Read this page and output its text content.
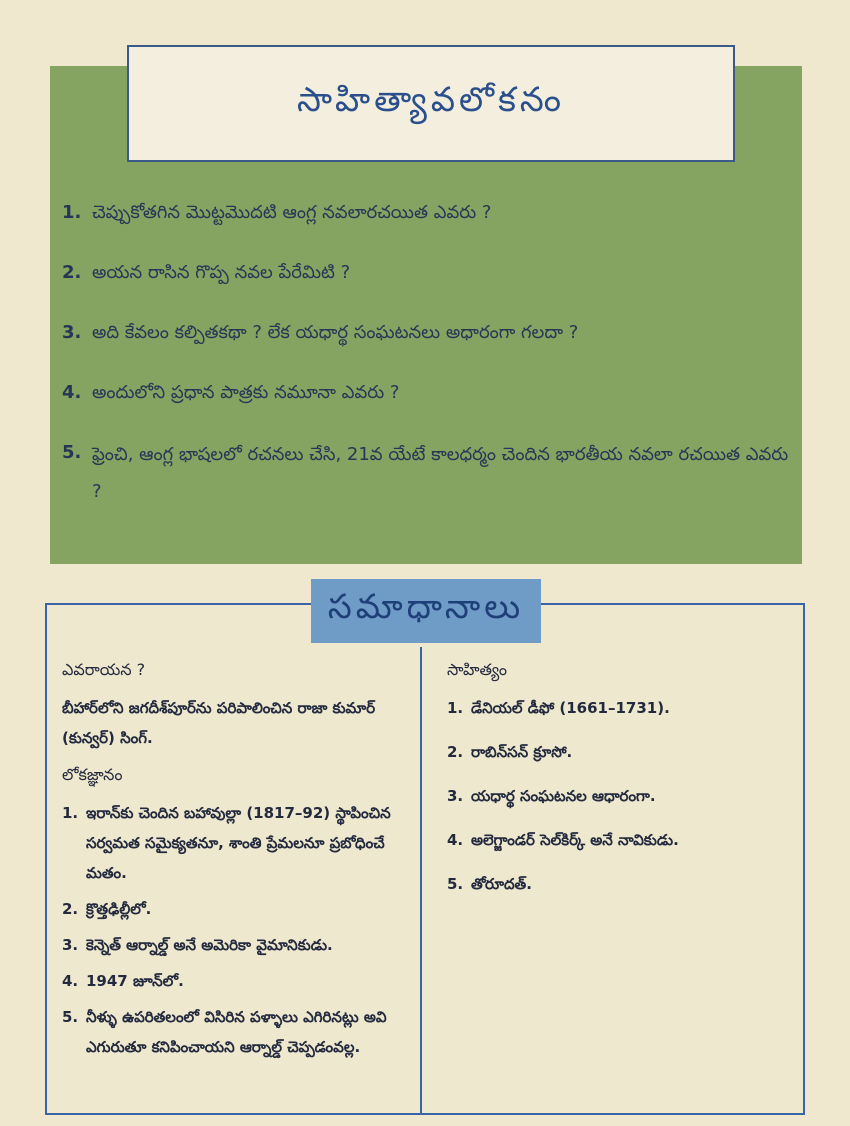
సాహిత్యావలోకనం
1. చెప్పుకోతగిన మొట్టమొదటి ఆంగ్ల నవలారచయిత ఎవరు ?
2. అయన రాసిన గొప్ప నవల పేరేమిటి ?
3. అది కేవలం కల్పితకథా ? లేక యధార్థ సంఘటనలు అధారంగా గలదా ?
4. అందులోని ప్రధాన పాత్రకు నమూనా ఎవరు ?
5. ఫ్రెంచి, ఆంగ్ల భాషలలో రచనలు చేసి, 21వ యేటే కాలధర్మం చెందిన భారతీయ నవలా రచయిత ఎవరు ?
సమాధానాలు
ఎవరాయన ?
బీహార్‌లోని జగదీశ్‌పూర్‌ను పరిపాలించిన రాజా కుమార్ (కున్వర్) సింగ్.
లోకజ్ఞానం
1. ఇరాన్‌కు చెందిన బహావుల్లా (1817–92) స్థాపించిన సర్వమత సమైక్యతనూ, శాంతి ప్రేమలనూ ప్రబోధించే మతం.
2. క్రొత్తఢిల్లీలో.
3. కెన్నెత్ ఆర్నాల్డ్ అనే అమెరికా వైమానికుడు.
4. 1947 జూన్‌లో.
5. నీళ్ళు ఉపరితలంలో విసిరిన పళ్ళాలు ఎగిరినట్లు అవి ఎగురుతూ కనిపించాయని ఆర్నాల్డ్ చెప్పడంవల్ల.
సాహిత్యం
1. డేనియల్ డీఫో (1661–1731).
2. రాబిన్‌సన్ క్రూసో.
3. యధార్థ సంఘటనల ఆధారంగా.
4. అలెగ్జాండర్ సెల్‌కిర్క్ అనే నావికుడు.
5. తోరూదత్.
